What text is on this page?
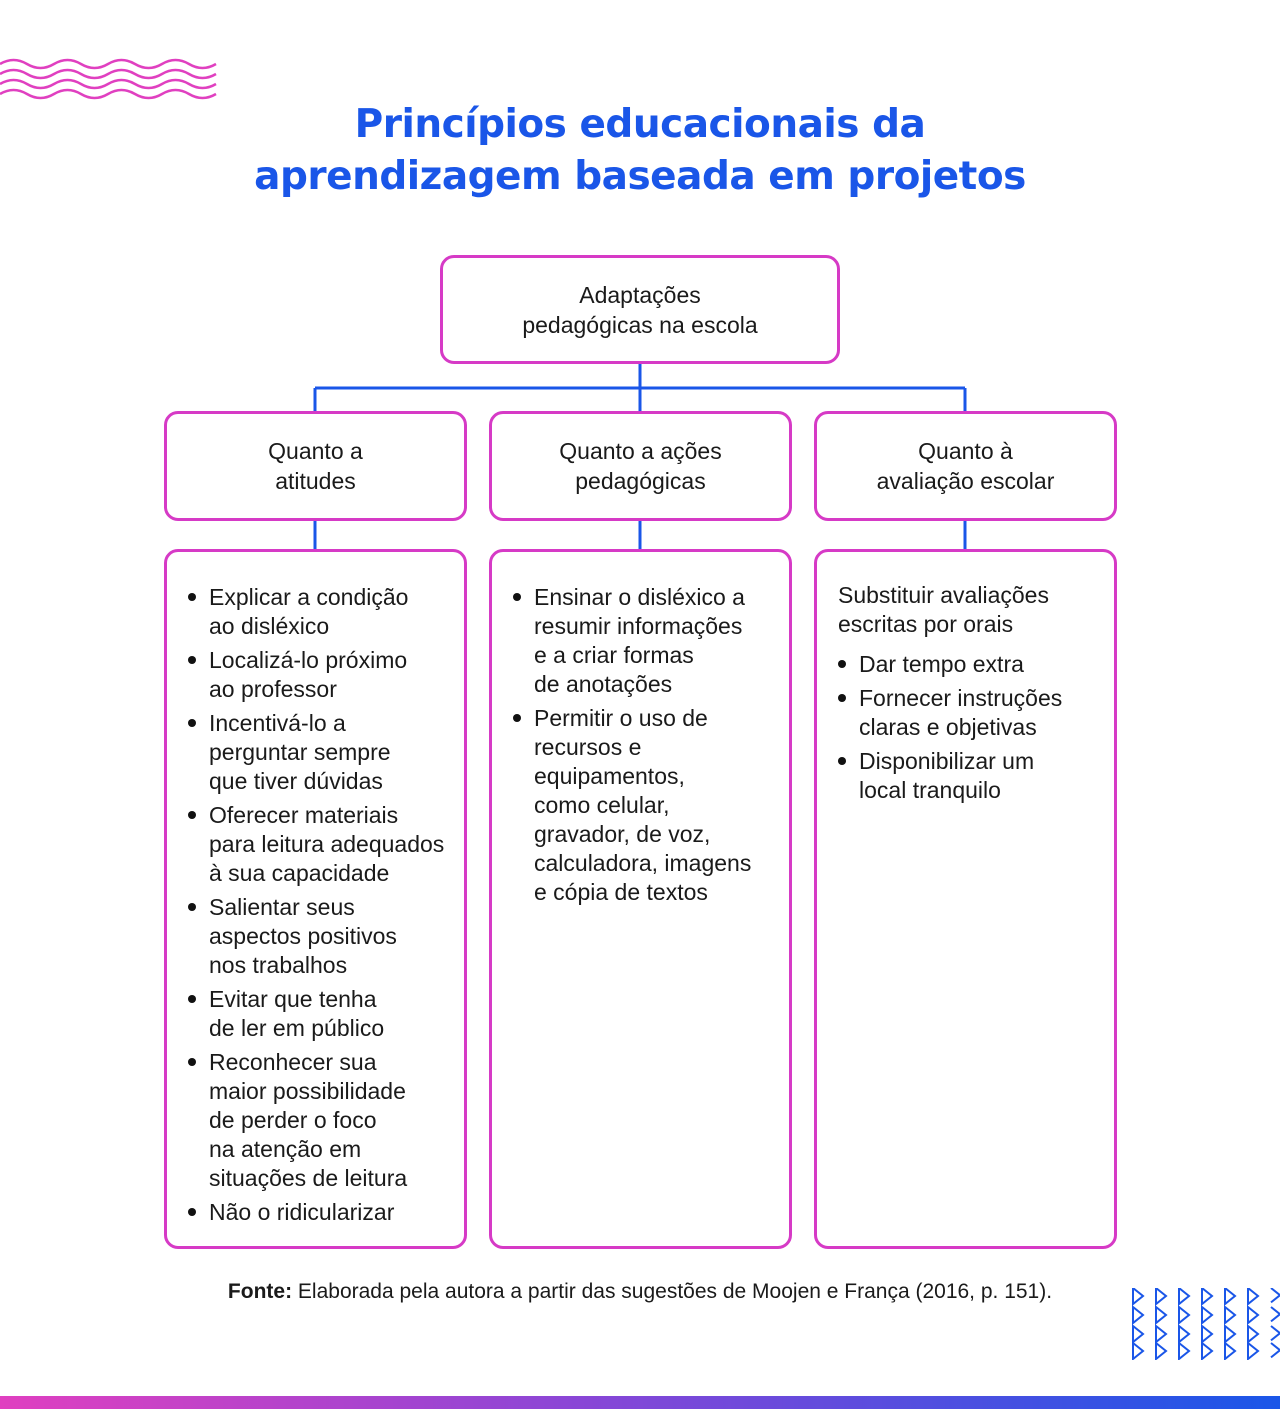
Princípios educacionais da
aprendizagem baseada em projetos
Adaptações
pedagógicas na escola
Quanto a
atitudes
Quanto a ações
pedagógicas
Quanto à
avaliação escolar
Explicar a condição
ao disléxico
Localizá-lo próximo
ao professor
Incentivá-lo a
perguntar sempre
que tiver dúvidas
Oferecer materiais
para leitura adequados
à sua capacidade
Salientar seus
aspectos positivos
nos trabalhos
Evitar que tenha
de ler em público
Reconhecer sua
maior possibilidade
de perder o foco
na atenção em
situações de leitura
Não o ridicularizar
Ensinar o disléxico a
resumir informações
e a criar formas
de anotações
Permitir o uso de
recursos e
equipamentos,
como celular,
gravador, de voz,
calculadora, imagens
e cópia de textos
Substituir avaliações
escritas por orais
Dar tempo extra
Fornecer instruções
claras e objetivas
Disponibilizar um
local tranquilo
Fonte: Elaborada pela autora a partir das sugestões de Moojen e França (2016, p. 151).
